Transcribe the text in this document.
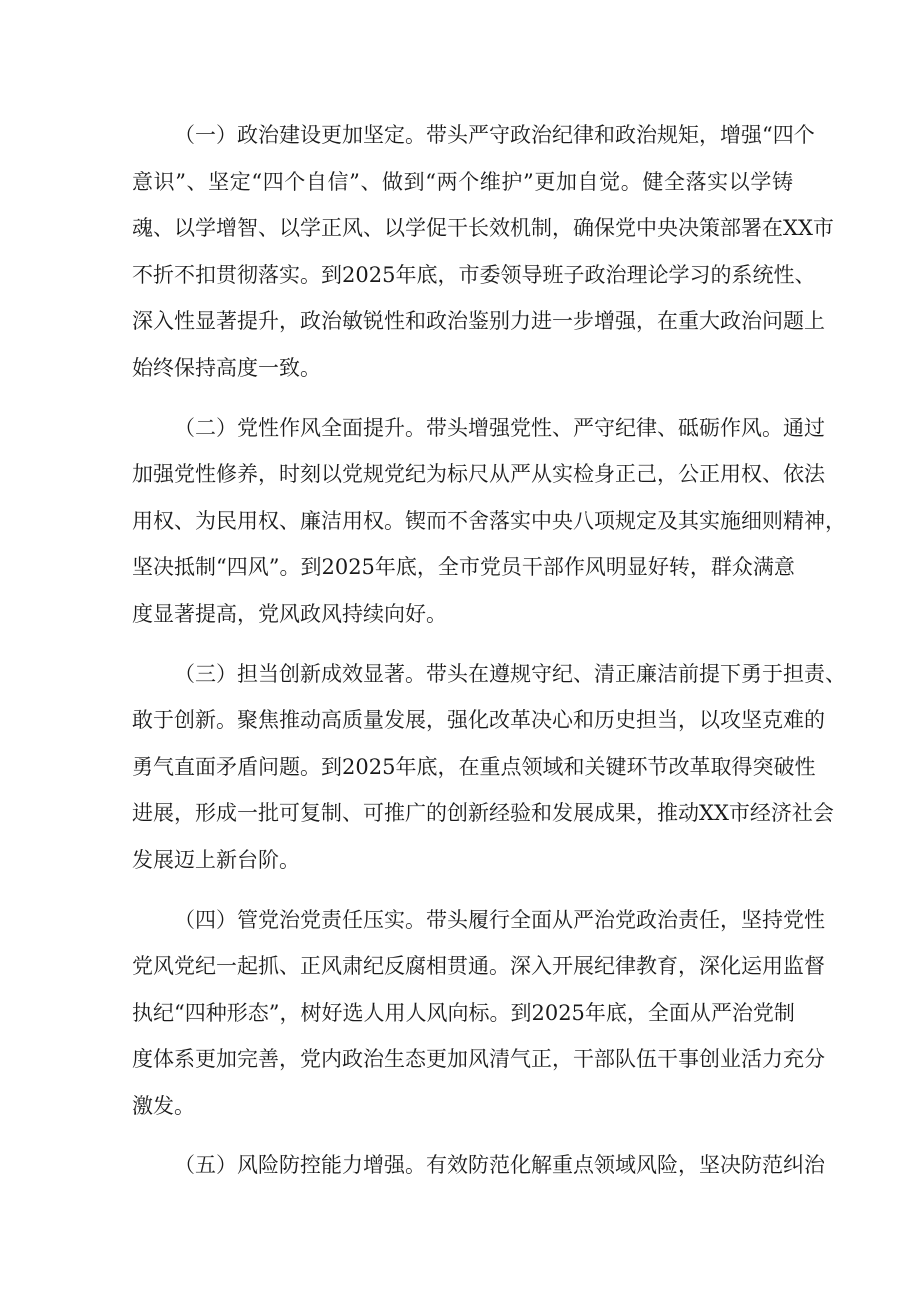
（一）政治建设更加坚定。带头严守政治纪律和政治规矩，增强“四个
意识”、坚定“四个自信”、做到“两个维护”更加自觉。健全落实以学铸
魂、以学增智、以学正风、以学促干长效机制，确保党中央决策部署在XX市
不折不扣贯彻落实。到2025年底，市委领导班子政治理论学习的系统性、
深入性显著提升，政治敏锐性和政治鉴别力进一步增强，在重大政治问题上
始终保持高度一致。

（二）党性作风全面提升。带头增强党性、严守纪律、砥砺作风。通过
加强党性修养，时刻以党规党纪为标尺从严从实检身正己，公正用权、依法
用权、为民用权、廉洁用权。锲而不舍落实中央八项规定及其实施细则精神，
坚决抵制“四风”。到2025年底，全市党员干部作风明显好转，群众满意
度显著提高，党风政风持续向好。

（三）担当创新成效显著。带头在遵规守纪、清正廉洁前提下勇于担责、
敢于创新。聚焦推动高质量发展，强化改革决心和历史担当，以攻坚克难的
勇气直面矛盾问题。到2025年底，在重点领域和关键环节改革取得突破性
进展，形成一批可复制、可推广的创新经验和发展成果，推动XX市经济社会
发展迈上新台阶。

（四）管党治党责任压实。带头履行全面从严治党政治责任，坚持党性
党风党纪一起抓、正风肃纪反腐相贯通。深入开展纪律教育，深化运用监督
执纪“四种形态”，树好选人用人风向标。到2025年底，全面从严治党制
度体系更加完善，党内政治生态更加风清气正，干部队伍干事创业活力充分
激发。

（五）风险防控能力增强。有效防范化解重点领域风险，坚决防范纠治
